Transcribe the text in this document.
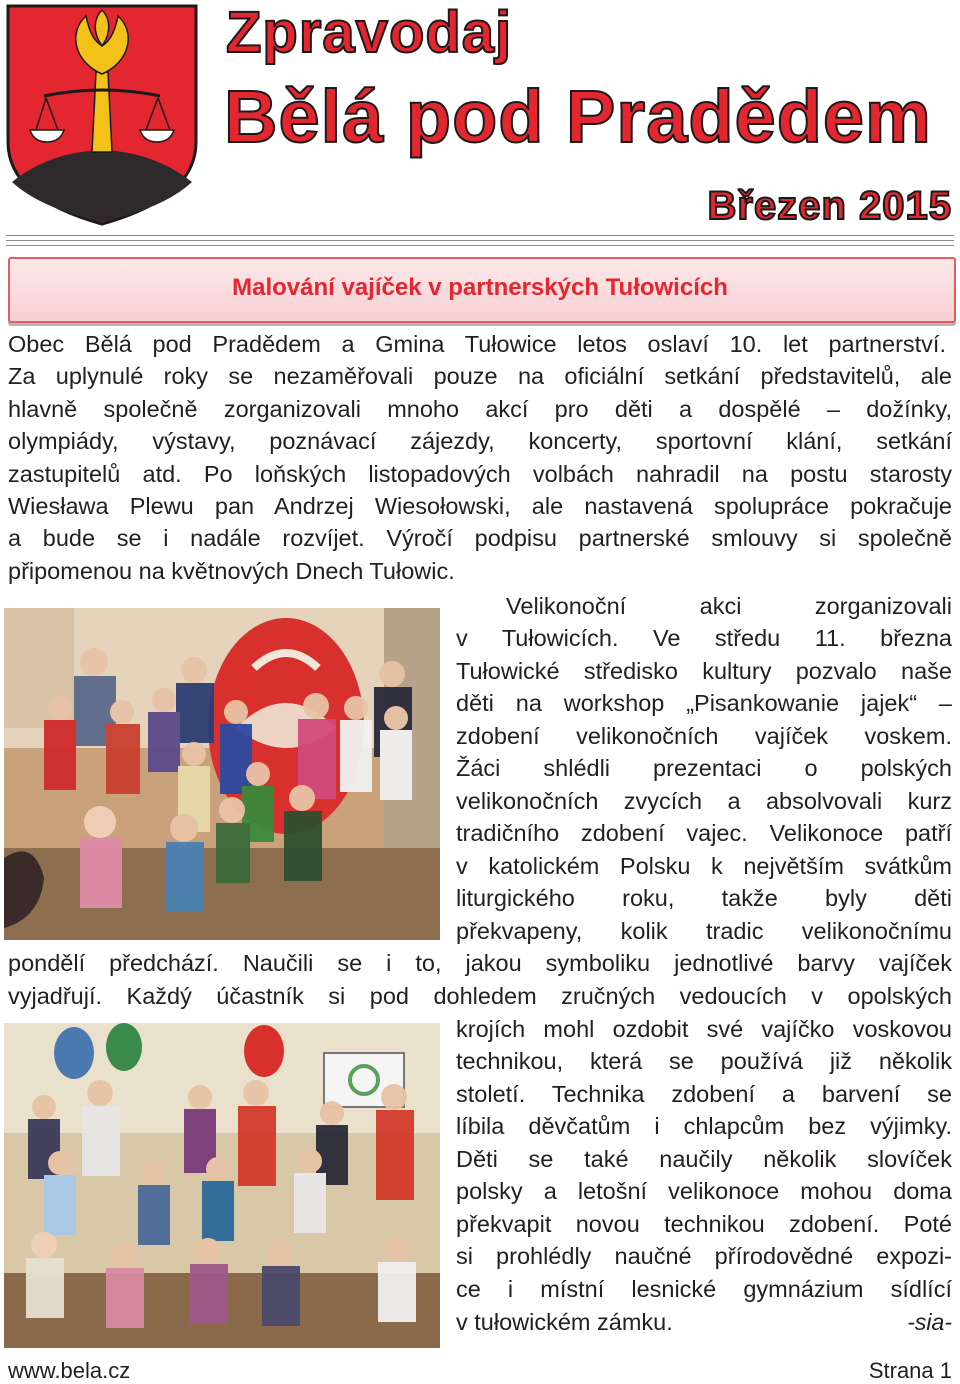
Zpravodaj
Bělá pod Pradědem
Březen 2015
Malování vajíček v partnerských Tułowicích

Obec Bělá pod Pradědem a Gmina Tułowice letos oslaví 10. let partnerství.

Za uplynulé roky se nezaměřovali pouze na oficiální setkání představitelů, ale

hlavně společně zorganizovali mnoho akcí pro děti a dospělé – dožínky,

olympiády, výstavy, poznávací zájezdy, koncerty, sportovní klání, setkání

zastupitelů atd. Po loňských listopadových volbách nahradil na postu starosty

Wiesława Plewu pan Andrzej Wiesołowski, ale nastavená spolupráce pokračuje

a bude se i nadále rozvíjet. Výročí podpisu partnerské smlouvy si společně

připomenou na květnových Dnech Tułowic.

Velikonoční akci zorganizovali

v Tułowicích. Ve středu 11. března

Tułowické středisko kultury pozvalo naše

děti na workshop „Pisankowanie jajek“ –

zdobení velikonočních vajíček voskem.

Žáci shlédli prezentaci o polských

velikonočních zvycích a absolvovali kurz

tradičního zdobení vajec. Velikonoce patří

v katolickém Polsku k největším svátkům

liturgického roku, takže byly děti

překvapeny, kolik tradic velikonočnímu

pondělí předchází. Naučili se i to, jakou symboliku jednotlivé barvy vajíček

vyjadřují. Každý účastník si pod dohledem zručných vedoucích v opolských

krojích mohl ozdobit své vajíčko voskovou

technikou, která se používá již několik

století. Technika zdobení a barvení se

líbila děvčatům i chlapcům bez výjimky.

Děti se také naučily několik slovíček

polsky a letošní velikonoce mohou doma

překvapit novou technikou zdobení. Poté

si prohlédly naučné přírodovědné expozi-

ce i místní lesnické gymnázium sídlící

v tułowickém zámku.	-sia-
www.bela.cz	Strana 1
